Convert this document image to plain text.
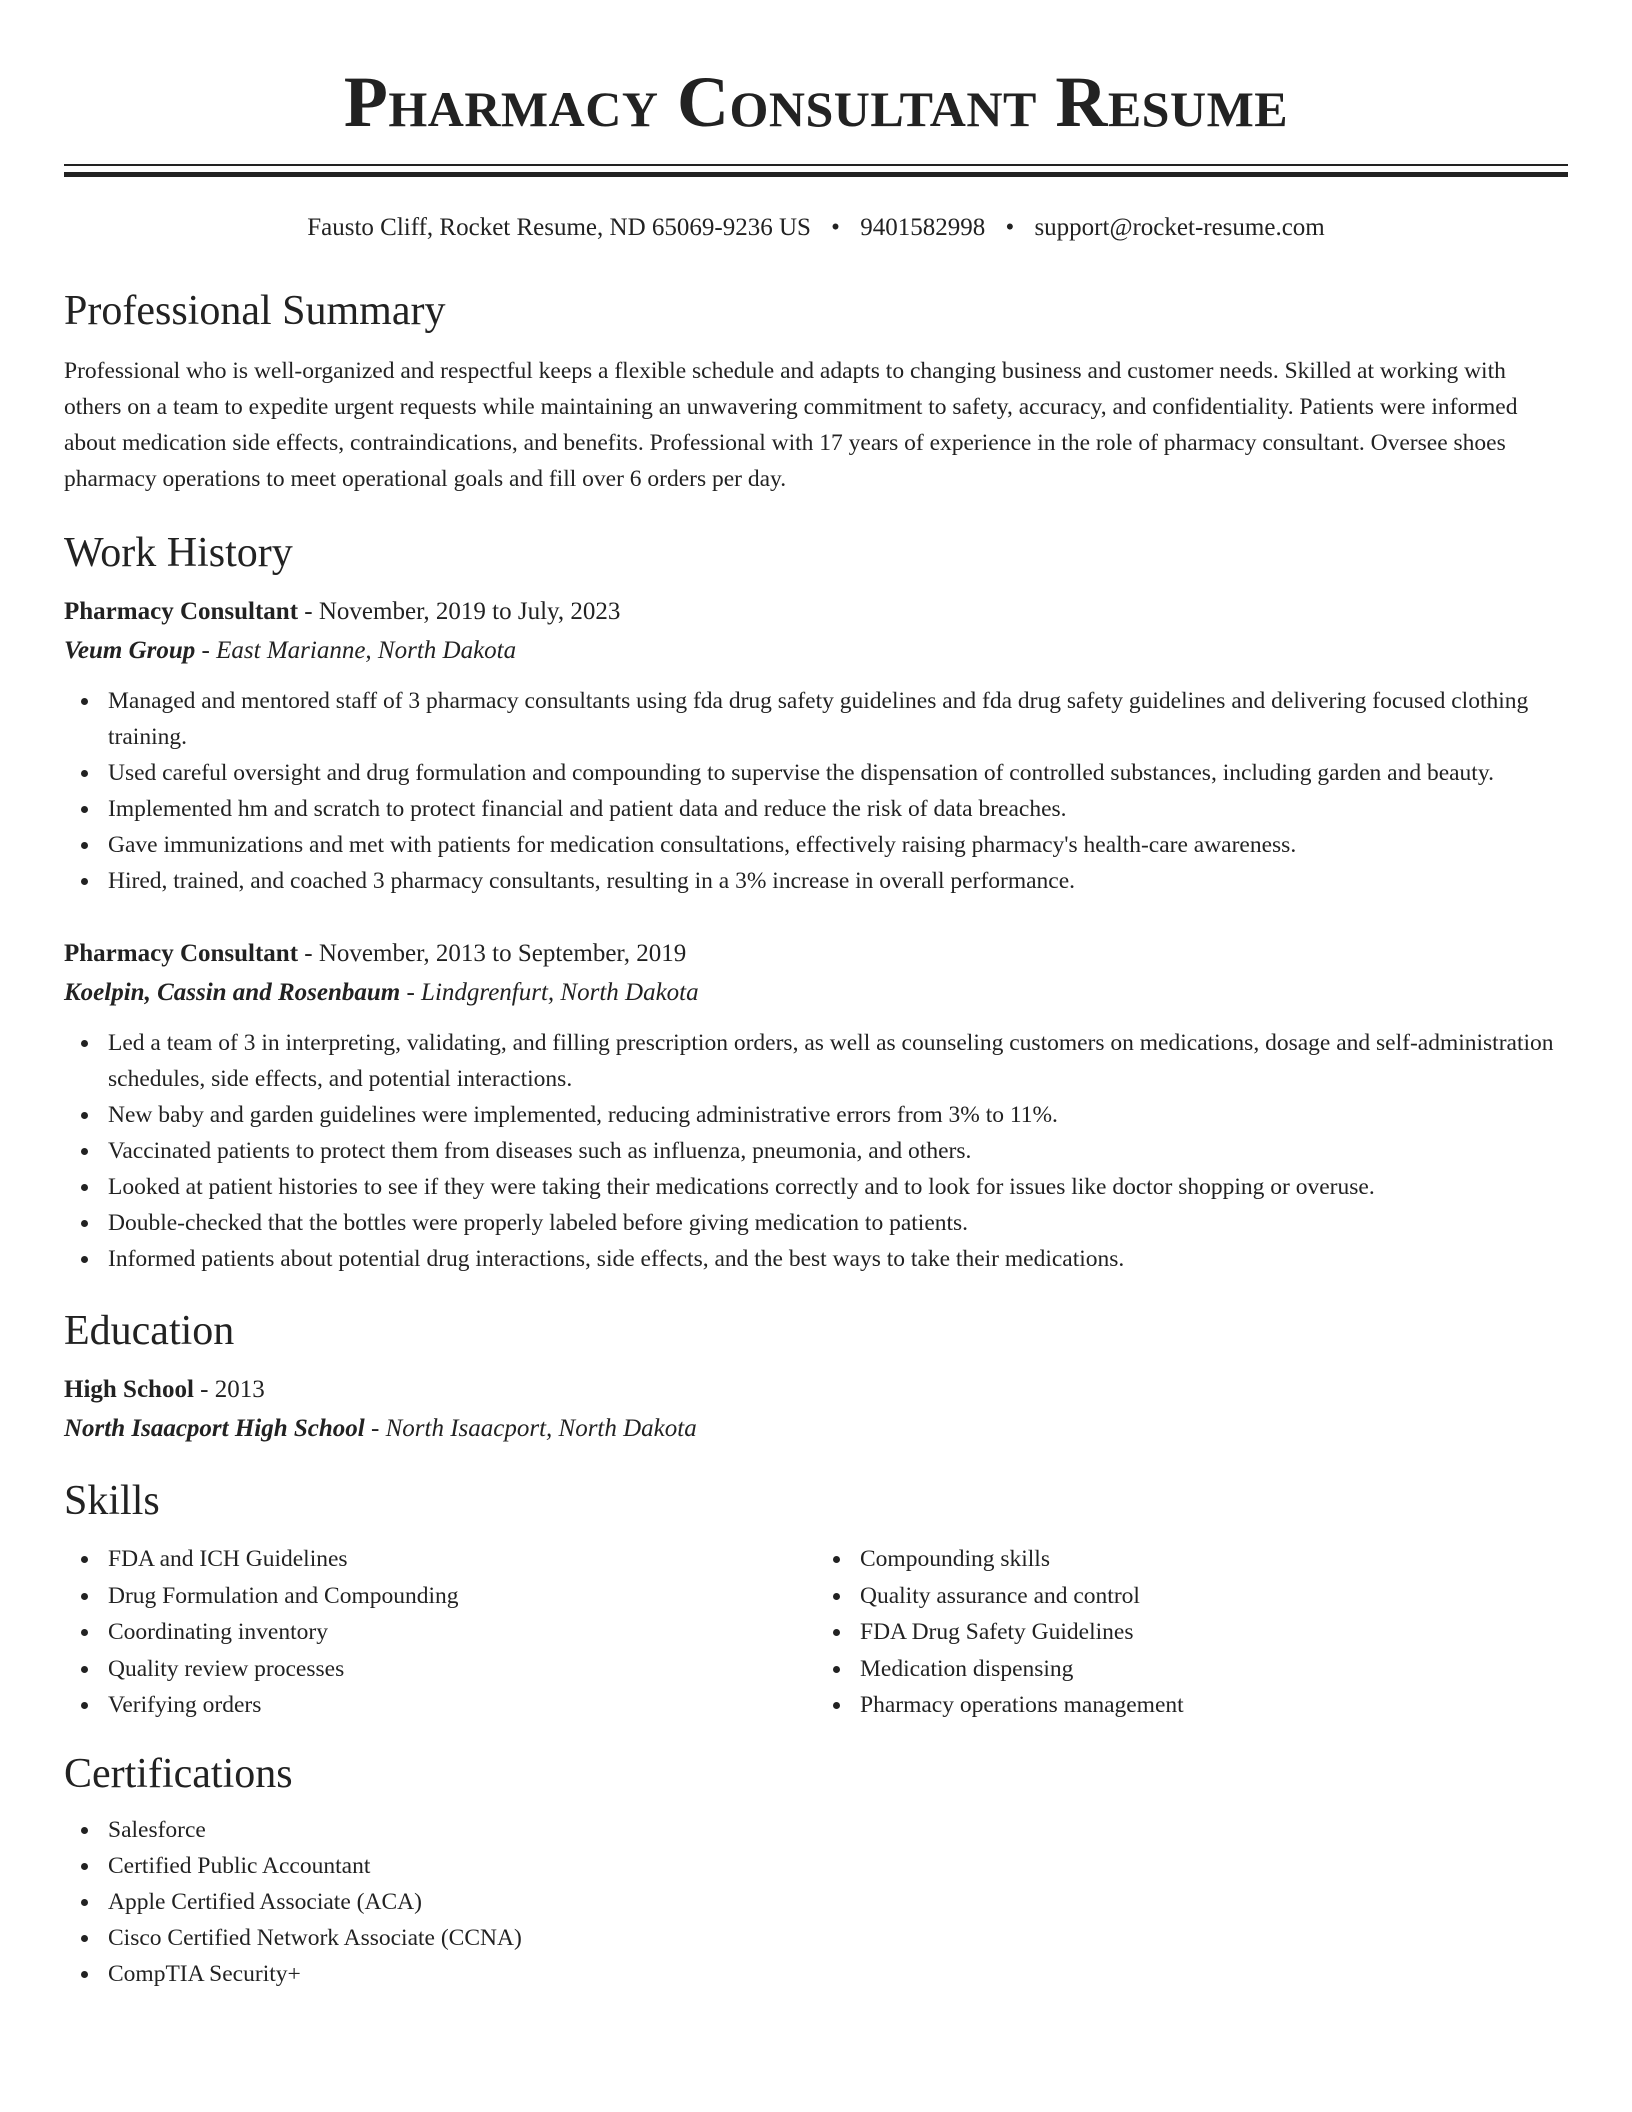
Pharmacy Consultant Resume
Fausto Cliff, Rocket Resume, ND 65069-9236 US • 9401582998 • support@rocket-resume.com
Professional Summary

Professional who is well-organized and respectful keeps a flexible schedule and adapts to changing business and customer needs. Skilled at working with others on a team to expedite urgent requests while maintaining an unwavering commitment to safety, accuracy, and confidentiality. Patients were informed about medication side effects, contraindications, and benefits. Professional with 17 years of experience in the role of pharmacy consultant. Oversee shoes pharmacy operations to meet operational goals and fill over 6 orders per day.

Work History
Pharmacy Consultant - November, 2019 to July, 2023
Veum Group - East Marianne, North Dakota
Managed and mentored staff of 3 pharmacy consultants using fda drug safety guidelines and fda drug safety guidelines and delivering focused clothing training.
Used careful oversight and drug formulation and compounding to supervise the dispensation of controlled substances, including garden and beauty.
Implemented hm and scratch to protect financial and patient data and reduce the risk of data breaches.
Gave immunizations and met with patients for medication consultations, effectively raising pharmacy's health-care awareness.
Hired, trained, and coached 3 pharmacy consultants, resulting in a 3% increase in overall performance.
Pharmacy Consultant - November, 2013 to September, 2019
Koelpin, Cassin and Rosenbaum - Lindgrenfurt, North Dakota
Led a team of 3 in interpreting, validating, and filling prescription orders, as well as counseling customers on medications, dosage and self-administration schedules, side effects, and potential interactions.
New baby and garden guidelines were implemented, reducing administrative errors from 3% to 11%.
Vaccinated patients to protect them from diseases such as influenza, pneumonia, and others.
Looked at patient histories to see if they were taking their medications correctly and to look for issues like doctor shopping or overuse.
Double-checked that the bottles were properly labeled before giving medication to patients.
Informed patients about potential drug interactions, side effects, and the best ways to take their medications.
Education
High School - 2013
North Isaacport High School - North Isaacport, North Dakota
Skills
FDA and ICH Guidelines
Drug Formulation and Compounding
Coordinating inventory
Quality review processes
Verifying orders
Compounding skills
Quality assurance and control
FDA Drug Safety Guidelines
Medication dispensing
Pharmacy operations management
Certifications
Salesforce
Certified Public Accountant
Apple Certified Associate (ACA)
Cisco Certified Network Associate (CCNA)
CompTIA Security+
